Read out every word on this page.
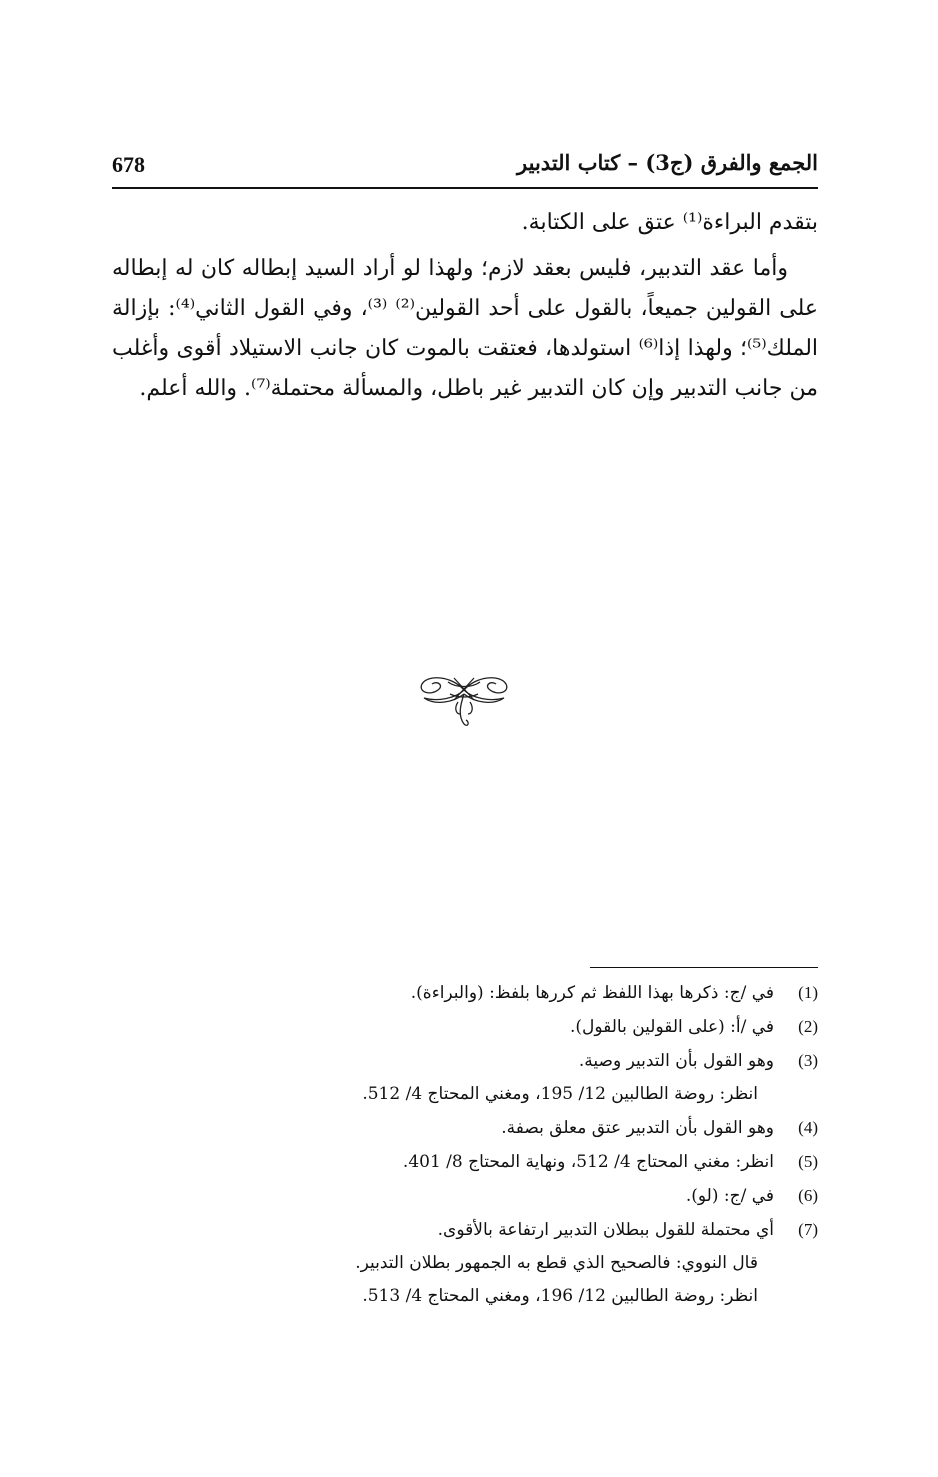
678	الجمع والفرق (ج3) – كتاب التدبير

بتقدم البراءة⁽¹⁾ عتق على الكتابة.

وأما عقد التدبير، فليس بعقد لازم؛ ولهذا لو أراد السيد إبطاله كان له إبطاله على القولين جميعاً، بالقول على أحد القولين⁽²⁾ ⁽³⁾، وفي القول الثاني⁽⁴⁾: بإزالة الملك⁽⁵⁾؛ ولهذا إذا⁽⁶⁾ استولدها، فعتقت بالموت كان جانب الاستيلاد أقوى وأغلب من جانب التدبير وإن كان التدبير غير باطل، والمسألة محتملة⁽⁷⁾. والله أعلم.

(1)
في /ج: ذكرها بهذا اللفظ ثم كررها بلفظ: (والبراءة).
(2)
في /أ: (على القولين بالقول).
(3)
وهو القول بأن التدبير وصية.
انظر: روضة الطالبين 12/ 195، ومغني المحتاج 4/ 512.
(4)
وهو القول بأن التدبير عتق معلق بصفة.
(5)
انظر: مغني المحتاج 4/ 512، ونهاية المحتاج 8/ 401.
(6)
في /ج: (لو).
(7)
أي محتملة للقول ببطلان التدبير ارتفاعة بالأقوى.
قال النووي: فالصحيح الذي قطع به الجمهور بطلان التدبير.
انظر: روضة الطالبين 12/ 196، ومغني المحتاج 4/ 513.
